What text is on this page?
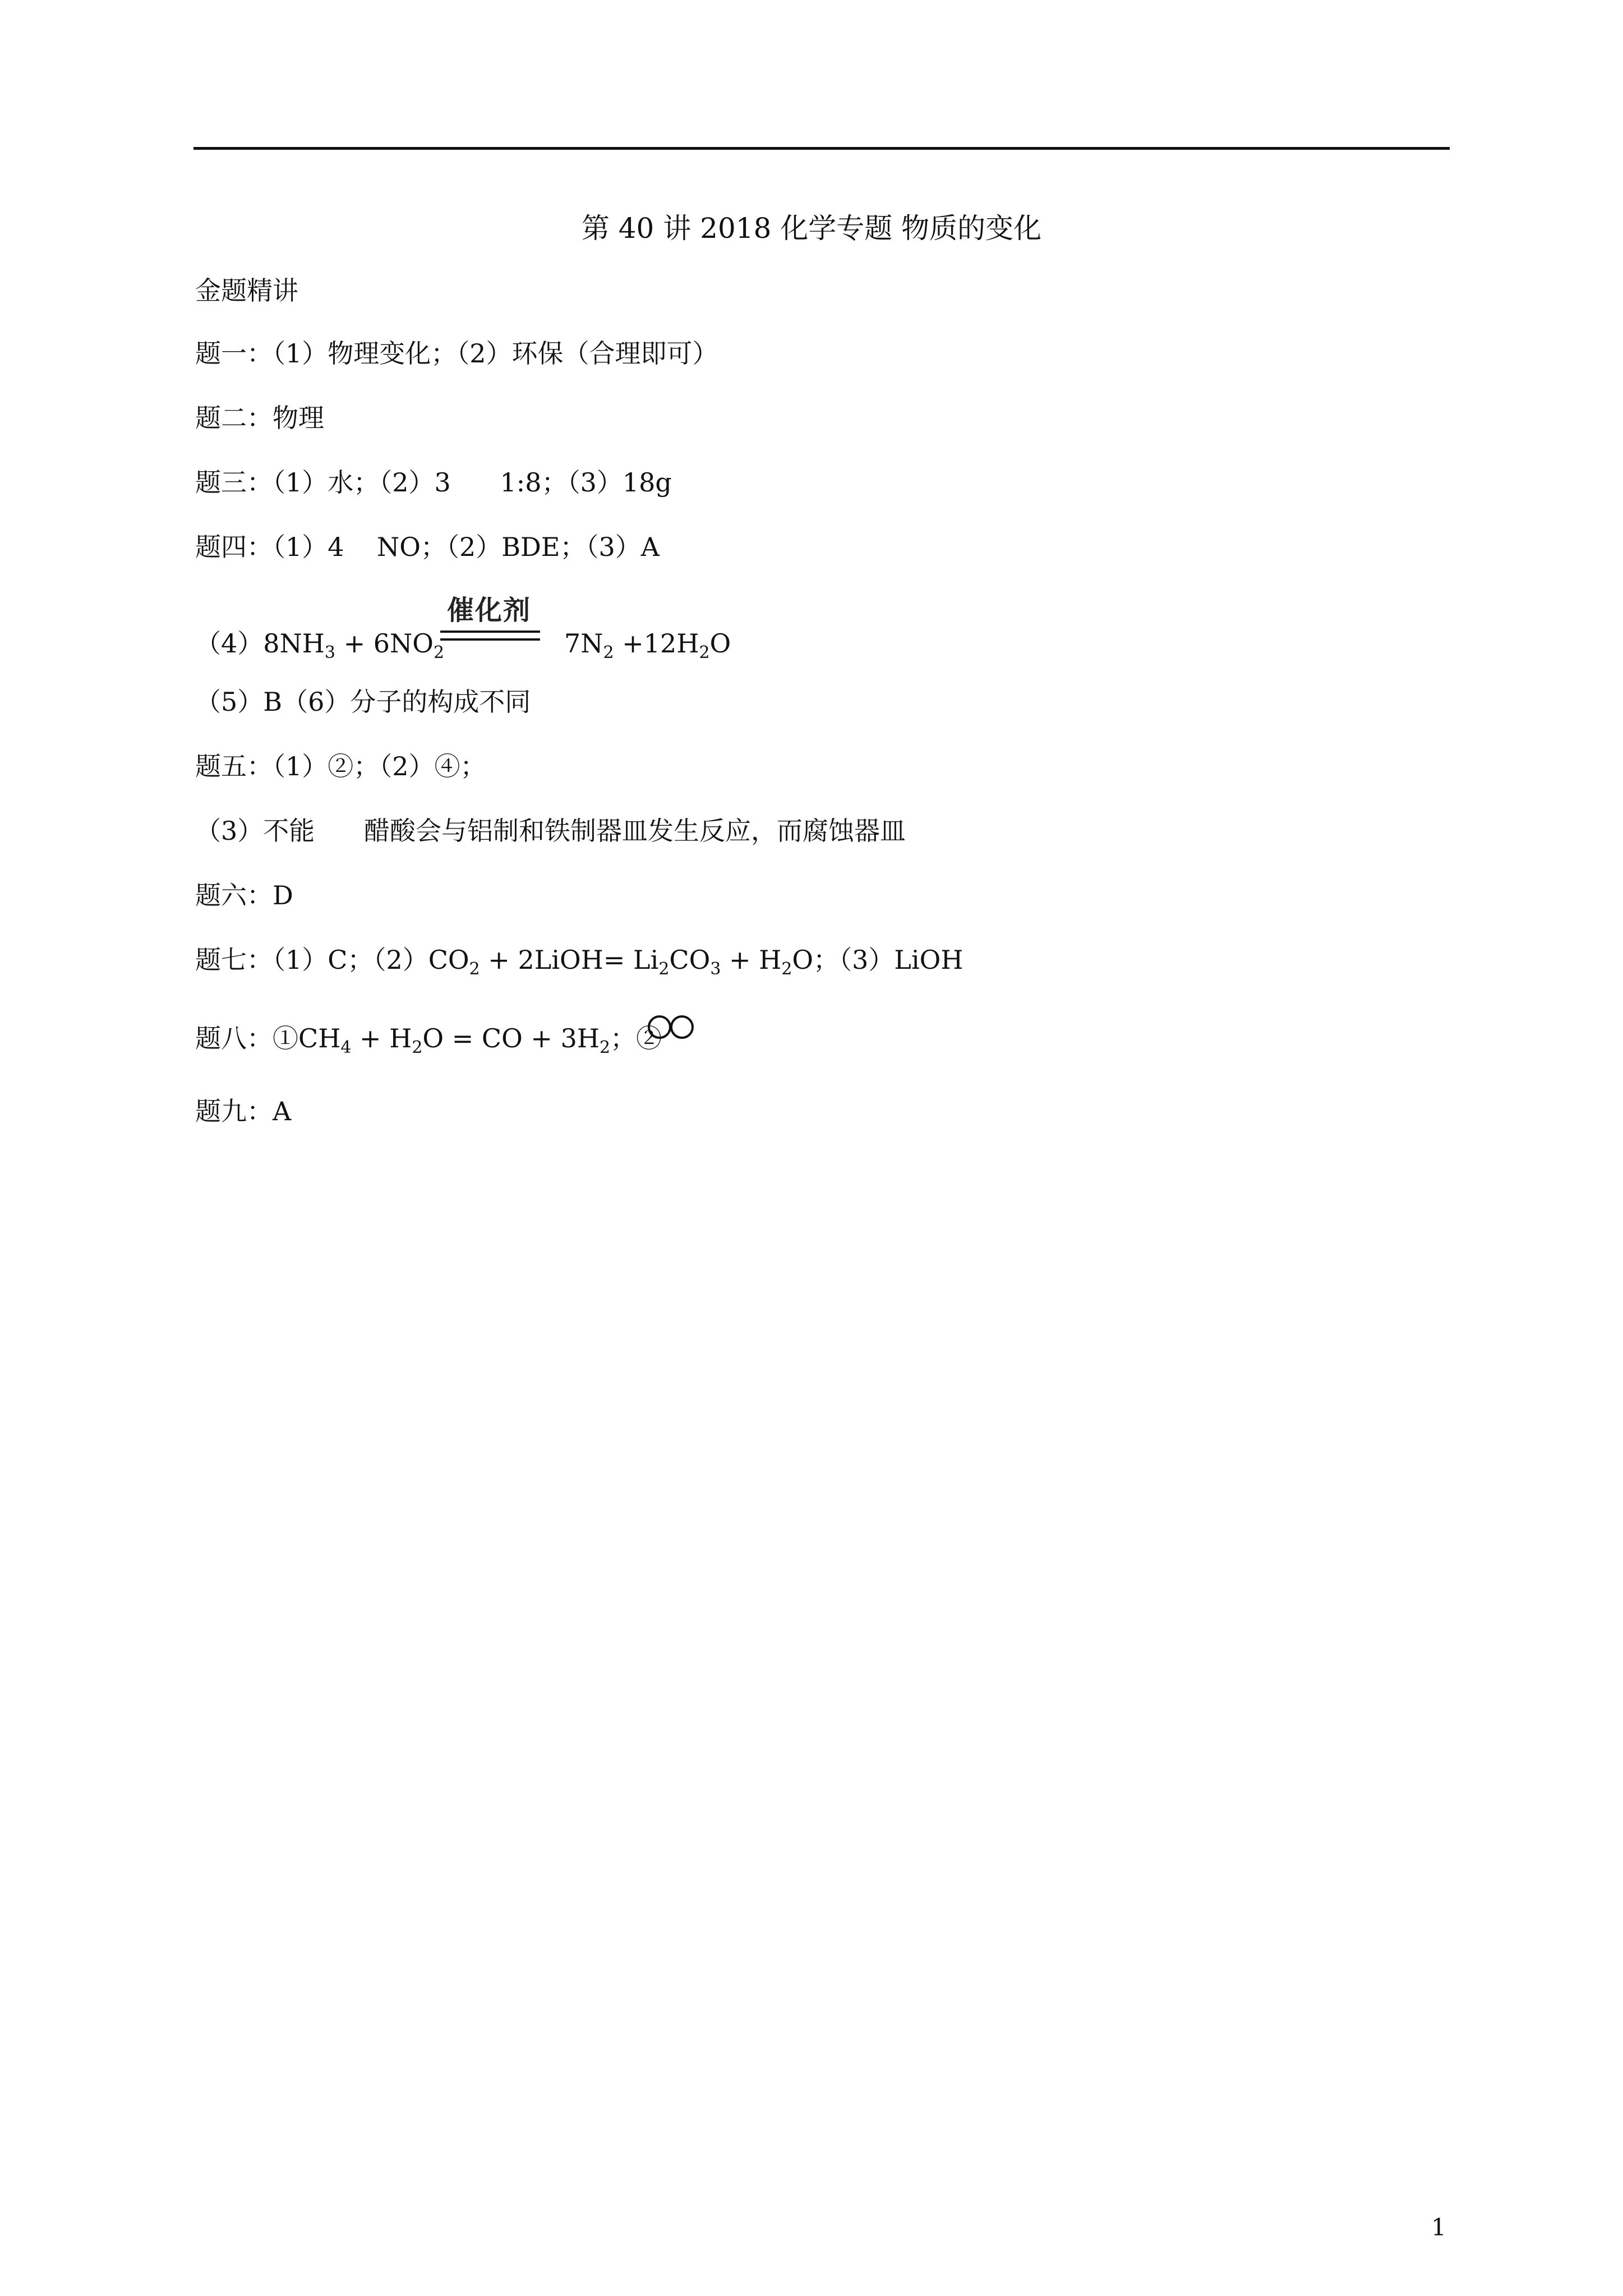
第 40 讲 2018 化学专题 物质的变化
金题精讲
题一：（1）物理变化；（2）环保（合理即可）
题二：物理
题三：（1）水；（2）3      1:8；（3）18g
题四：（1）4    NO；（2）BDE；（3）A
催化剂
$(4)8NH_3 + 6NO_2$	$7N_2 +12H_2O$
（5）B（6）分子的构成不同
题五：（1）②；（2）④；
（3）不能      醋酸会与铝制和铁制器皿发生反应，而腐蚀器皿
题六：D
题七：（1）C；$(2)CO_2$ + 2LiOH= $Li_2CO_3 + H_2O$；（3）LiOH
题八：$①CH_4 + H_2O$ = CO + $3H_2$；②
题九：A
1
